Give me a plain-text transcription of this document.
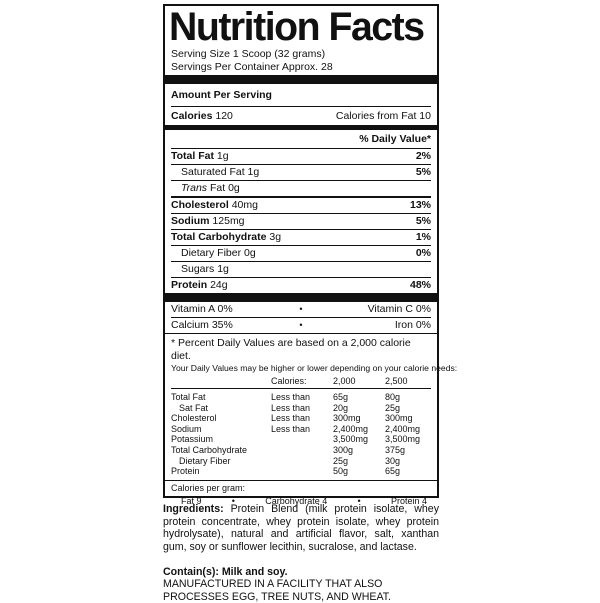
Nutrition Facts
Serving Size 1 Scoop (32 grams)
Servings Per Container Approx. 28
Amount Per Serving
Calories 120	Calories from Fat 10
% Daily Value*
Total Fat 1g	2%
Saturated Fat 1g	5%
Trans Fat 0g
Cholesterol 40mg	13%
Sodium 125mg	5%
Total Carbohydrate 3g	1%
Dietary Fiber 0g	0%
Sugars 1g
Protein 24g	48%
Vitamin A 0%	•	Vitamin C 0%
Calcium 35%	•	Iron 0%
* Percent Daily Values are based on a 2,000 calorie diet.
Your Daily Values may be higher or lower depending on your calorie needs:
	Calories:	2,000	2,500

Total Fat	Less than	65g	80g
Sat Fat	Less than	20g	25g
Cholesterol	Less than	300mg	300mg
Sodium	Less than	2,400mg	2,400mg
Potassium		3,500mg	3,500mg
Total Carbohydrate		300g	375g
Dietary Fiber		25g	30g
Protein		50g	65g
Calories per gram:
Fat 9	•	Carbohydrate 4	•	Protein 4
Ingredients: Protein Blend (milk protein isolate, whey protein concentrate, whey protein isolate, whey protein hydrolysate), natural and artificial flavor, salt, xanthan gum, soy or sunflower lecithin, sucralose, and lactase.
Contain(s): Milk and soy.
MANUFACTURED IN A FACILITY THAT ALSO PROCESSES EGG, TREE NUTS, AND WHEAT.
